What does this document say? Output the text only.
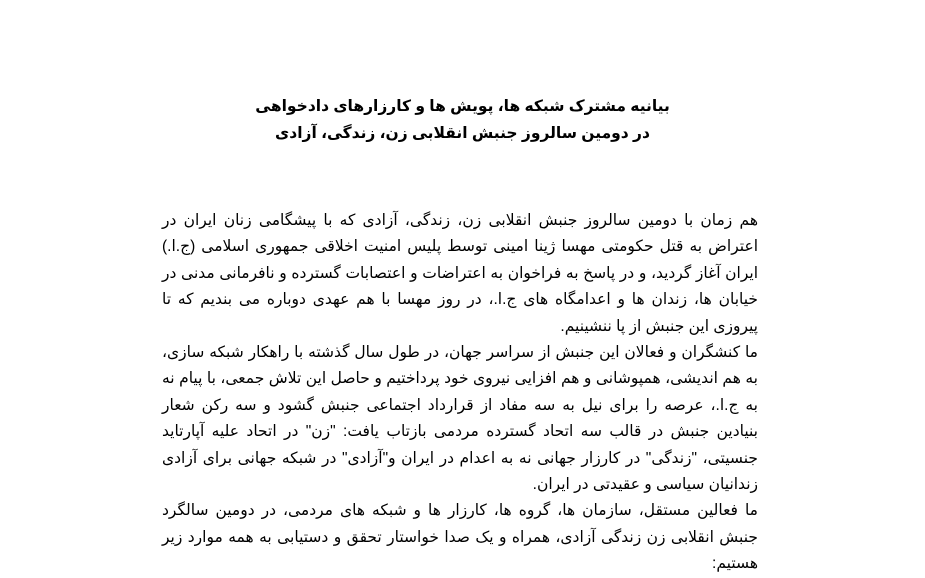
بیانیه مشترک شبکه ها، پویش ها و کارزارهای دادخواهی
در دومین سالروز جنبش انقلابی زن، زندگی، آزادی

هم زمان با دومین سالروز جنبش انقلابی زن، زندگی، آزادی که با پیشگامی زنان ایران در اعتراض به قتل حکومتی مهسا ژینا امینی توسط پلیس امنیت اخلاقی جمهوری اسلامی (ج.ا.) ایران آغاز گردید، و در پاسخ به فراخوان به اعتراضات و اعتصابات گسترده و نافرمانی مدنی در خیابان ها، زندان ها و اعدامگاه های ج.ا.، در روز مهسا با هم عهدی دوباره می بندیم که تا پیروزی این جنبش از پا ننشینیم.

ما کنشگران و فعالان این جنبش از سراسر جهان، در طول سال گذشته با راهکار شبکه سازی، به هم اندیشی، همپوشانی و هم افزایی نیروی خود پرداختیم و حاصل این تلاش جمعی، با پیام نه به ج.ا.، عرصه را برای نیل به سه مفاد از قرارداد اجتماعی جنبش گشود و سه رکن شعار بنیادین جنبش در قالب سه اتحاد گسترده مردمی بازتاب یافت: "زن" در اتحاد علیه آپارتاید جنسیتی، "زندگی" در کارزار جهانی نه به اعدام در ایران و"آزادی" در شبکه جهانی برای آزادی زندانیان سیاسی و عقیدتی در ایران.

ما فعالین مستقل، سازمان ها، گروه ها، کارزار ها و شبکه های مردمی، در دومین سالگرد جنبش انقلابی زن زندگی آزادی، همراه و یک صدا خواستار تحقق و دستیابی به همه موارد زیر هستیم:
